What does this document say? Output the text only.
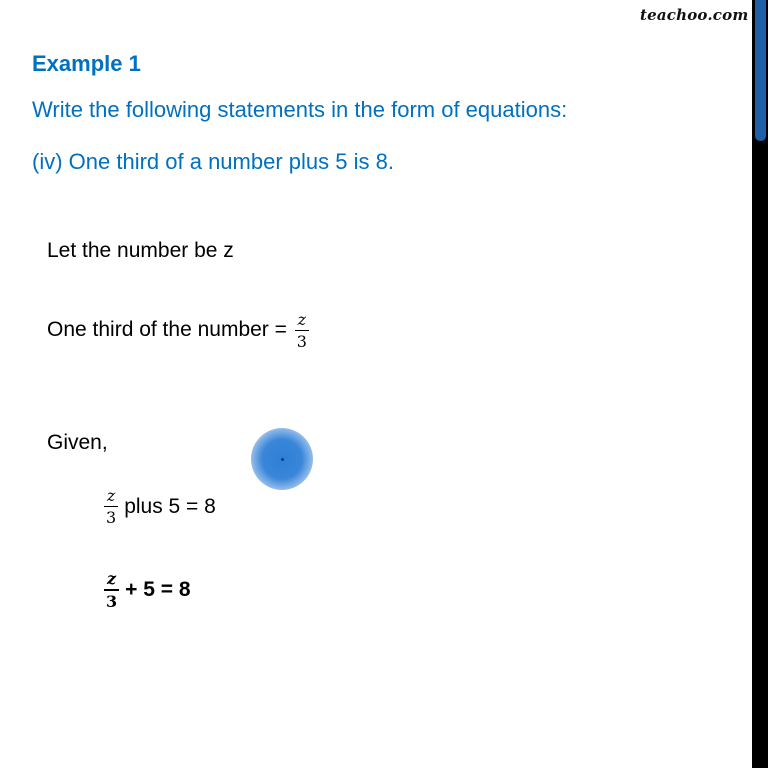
teachoo.com
Example 1
Write the following statements in the form of equations:
(iv) One third of a number plus 5 is 8.
Let the number be z
One third of the number = $\frac{z}{3}$
Given,
$\frac{z}{3}$ plus 5 = 8
$\frac{z}{3} + 5 = 8$
